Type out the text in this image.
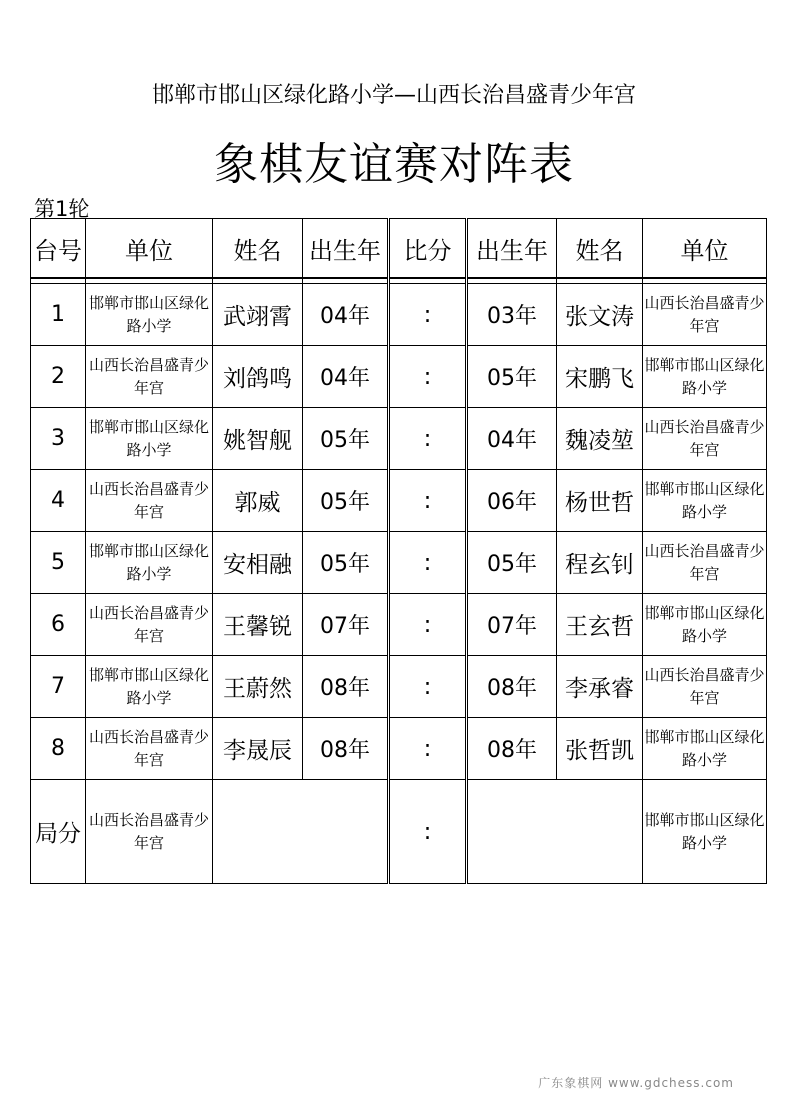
邯郸市邯山区绿化路小学—山西长治昌盛青少年宫
象棋友谊赛对阵表
第1轮
台号	单位	姓名	出生年	比分	出生年	姓名	单位

1	邯郸市邯山区绿化路小学	武翊霄	04年	:	03年	张文涛	山西长治昌盛青少年宫
2	山西长治昌盛青少年宫	刘鸽鸣	04年	:	05年	宋鹏飞	邯郸市邯山区绿化路小学
3	邯郸市邯山区绿化路小学	姚智舰	05年	:	04年	魏凌堃	山西长治昌盛青少年宫
4	山西长治昌盛青少年宫	郭威	05年	:	06年	杨世哲	邯郸市邯山区绿化路小学
5	邯郸市邯山区绿化路小学	安相融	05年	:	05年	程玄钊	山西长治昌盛青少年宫
6	山西长治昌盛青少年宫	王馨锐	07年	:	07年	王玄哲	邯郸市邯山区绿化路小学
7	邯郸市邯山区绿化路小学	王蔚然	08年	:	08年	李承睿	山西长治昌盛青少年宫
8	山西长治昌盛青少年宫	李晟辰	08年	:	08年	张哲凯	邯郸市邯山区绿化路小学
局分	山西长治昌盛青少年宫			:			邯郸市邯山区绿化路小学
广东象棋网 www.gdchess.com
